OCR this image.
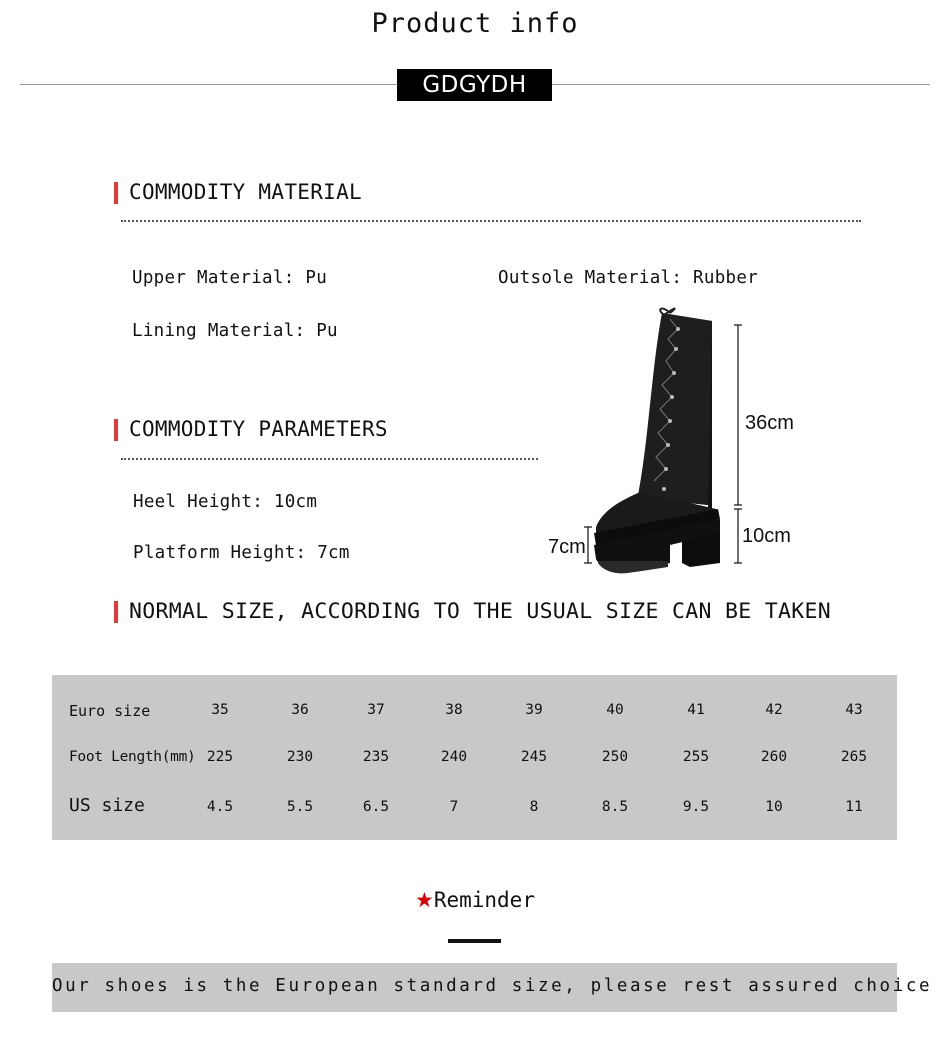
Product info
GDGYDH
COMMODITY MATERIAL
Upper Material: Pu	Outsole Material: Rubber
Lining Material: Pu
COMMODITY PARAMETERS
Heel Height: 10cm
Platform Height: 7cm
36cm
10cm
7cm
NORMAL SIZE, ACCORDING TO THE USUAL SIZE CAN BE TAKEN
Euro size	35	36	37	38	39	40	41	42	43
Foot Length(mm) 225	230	235	240	245	250	255	260	265
US size	4.5	5.5	6.5	7	8	8.5	9.5	10	11
★Reminder
Our shoes is the European standard size, please rest assured choice
